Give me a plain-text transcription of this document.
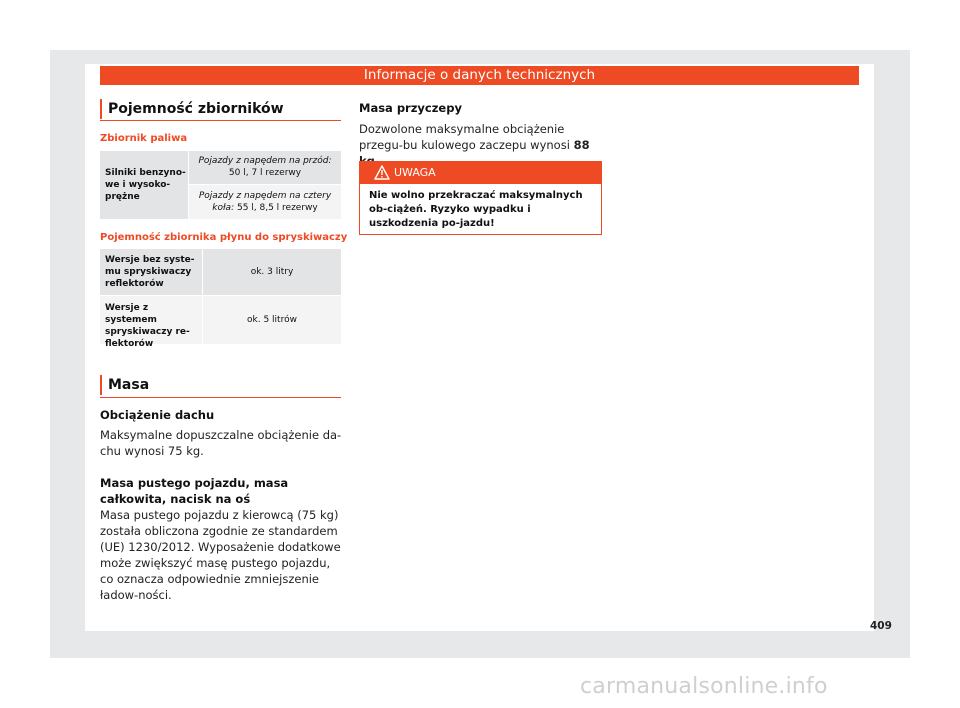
Informacje o danych technicznych
Pojemność zbiorników
Zbiornik paliwa
Silniki benzyno-we i wysoko-prężne
Pojazdy z napędem na przód: 50 l, 7 l rezerwy
Pojazdy z napędem na cztery koła: 55 l, 8,5 l rezerwy
Pojemność zbiornika płynu do spryskiwaczy
Wersje bez syste-mu spryskiwaczy reflektorów
ok. 3 litry
Wersje z systemem spryskiwaczy re-flektorów
ok. 5 litrów
Masa
Obciążenie dachu
Maksymalne dopuszczalne obciążenie da-chu wynosi 75 kg.
Masa pustego pojazdu, masa całkowita, nacisk na oś
Masa pustego pojazdu z kierowcą (75 kg) została obliczona zgodnie ze standardem (UE) 1230/2012. Wyposażenie dodatkowe może zwiększyć masę pustego pojazdu, co oznacza odpowiednie zmniejszenie ładow-ności.
Masa przyczepy
Dozwolone maksymalne obciążenie przegu-bu kulowego zaczepu wynosi 88
UWAGA
Nie wolno przekraczać maksymalnych ob-ciążeń. Ryzyko wypadku i uszkodzenia po-jazdu!
409
carmanualsonline.info
